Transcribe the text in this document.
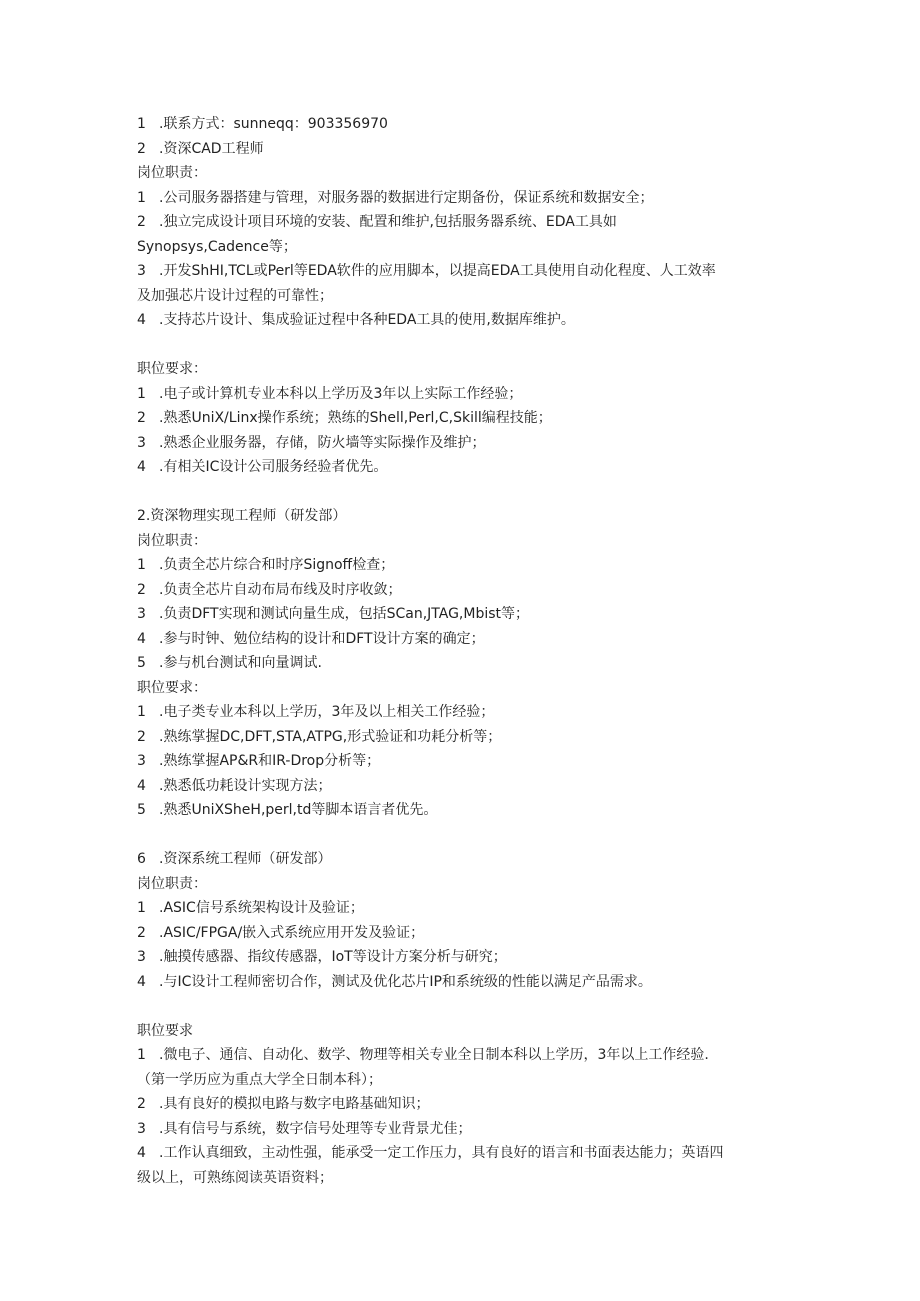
1 .联系方式：sunneqq：903356970
2 .资深CAD工程师
岗位职责：
1 .公司服务器搭建与管理，对服务器的数据进行定期备份，保证系统和数据安全；
2 .独立完成设计项目环境的安装、配置和维护,包括服务器系统、EDA工具如
Synopsys,Cadence等；
3 .开发ShHI,TCL或Perl等EDA软件的应用脚本，以提高EDA工具使用自动化程度、人工效率
及加强芯片设计过程的可靠性；
4 .支持芯片设计、集成验证过程中各种EDA工具的使用,数据库维护。
职位要求：
1 .电子或计算机专业本科以上学历及3年以上实际工作经验；
2 .熟悉UniX/Linx操作系统；熟练的Shell,Perl,C,Skill编程技能；
3 .熟悉企业服务器，存储，防火墙等实际操作及维护；
4 .有相关IC设计公司服务经验者优先。
2.资深物理实现工程师（研发部）
岗位职责：
1 .负责全芯片综合和时序Signoff检查；
2 .负责全芯片自动布局布线及时序收敛；
3 .负责DFT实现和测试向量生成，包括SCan,JTAG,Mbist等；
4 .参与时钟、勉位结构的设计和DFT设计方案的确定；
5 .参与机台测试和向量调试.
职位要求：
1 .电子类专业本科以上学历，3年及以上相关工作经验；
2 .熟练掌握DC,DFT,STA,ATPG,形式验证和功耗分析等；
3 .熟练掌握AP&R和IR-Drop分析等；
4 .熟悉低功耗设计实现方法；
5 .熟悉UniXSheH,perl,td等脚本语言者优先。
6 .资深系统工程师（研发部）
岗位职责：
1 .ASIC信号系统架构设计及验证；
2 .ASIC/FPGA/嵌入式系统应用开发及验证；
3 .触摸传感器、指纹传感器，IoT等设计方案分析与研究；
4 .与IC设计工程师密切合作，测试及优化芯片IP和系统级的性能以满足产品需求。
职位要求
1 .微电子、通信、自动化、数学、物理等相关专业全日制本科以上学历，3年以上工作经验.
（第一学历应为重点大学全日制本科）；
2 .具有良好的模拟电路与数字电路基础知识；
3 .具有信号与系统，数字信号处理等专业背景尤佳；
4 .工作认真细致，主动性强，能承受一定工作压力，具有良好的语言和书面表达能力；英语四
级以上，可熟练阅读英语资料；
